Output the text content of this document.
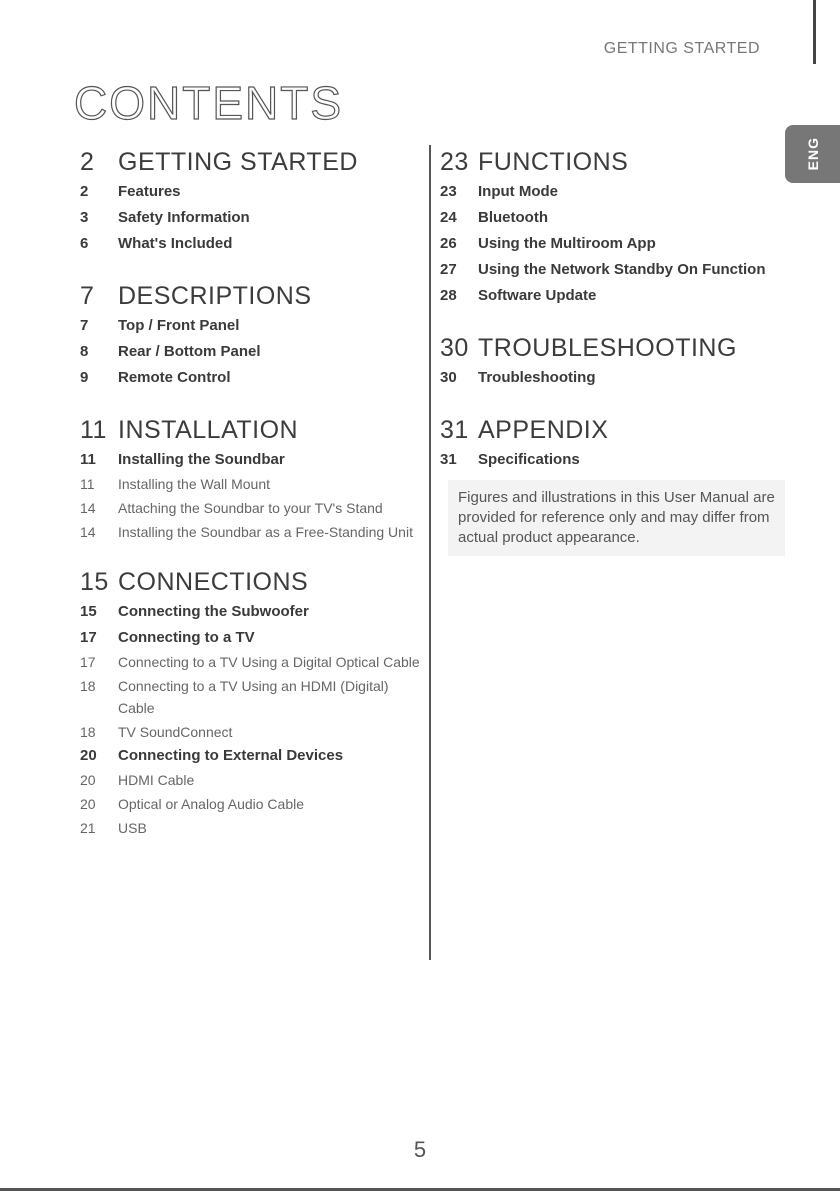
GETTING STARTED
CONTENTS
ENG
2 GETTING STARTED
2	Features
3	Safety Information
6	What's Included
7 DESCRIPTIONS
7	Top / Front Panel
8	Rear / Bottom Panel
9	Remote Control
11 INSTALLATION
11	Installing the Soundbar
11	Installing the Wall Mount
14	Attaching the Soundbar to your TV's Stand
14	Installing the Soundbar as a Free-Standing Unit
15 CONNECTIONS
15	Connecting the Subwoofer
17	Connecting to a TV
17	Connecting to a TV Using a Digital Optical Cable
18	Connecting to a TV Using an HDMI (Digital) Cable
18	TV SoundConnect
20	Connecting to External Devices
20	HDMI Cable
20	Optical or Analog Audio Cable
21	USB
23 FUNCTIONS
23	Input Mode
24	Bluetooth
26	Using the Multiroom App
27	Using the Network Standby On Function
28	Software Update
30 TROUBLESHOOTING
30	Troubleshooting
31 APPENDIX
31	Specifications
Figures and illustrations in this User Manual are provided for reference only and may differ from actual product appearance.
5
